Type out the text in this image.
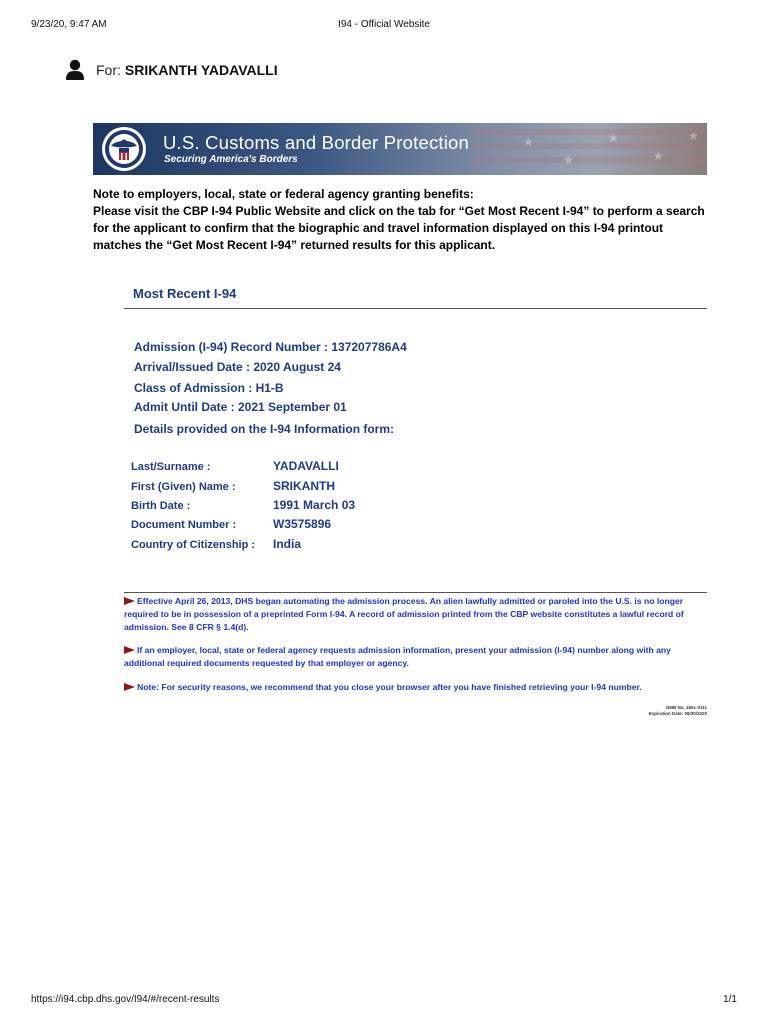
9/23/20, 9:47 AM	I94 - Official Website
For: SRIKANTH YADAVALLI
★
★
★
★
★
U.S. Customs and Border Protection
Securing America's Borders
Note to employers, local, state or federal agency granting benefits:
Please visit the CBP I-94 Public Website and click on the tab for “Get Most Recent I-94” to perform a search for the applicant to confirm that the biographic and travel information displayed on this I-94 printout matches the “Get Most Recent I-94” returned results for this applicant.
Most Recent I-94
Admission (I-94) Record Number : 137207786A4
Arrival/Issued Date : 2020 August 24
Class of Admission : H1-B
Admit Until Date : 2021 September 01
Details provided on the I-94 Information form:
Last/Surname :	YADAVALLI
First (Given) Name :	SRIKANTH
Birth Date :	1991 March 03
Document Number :	W3575896
Country of Citizenship : India
Effective April 26, 2013, DHS began automating the admission process. An alien lawfully admitted or paroled into the U.S. is no longer required to be in possession of a preprinted Form I-94. A record of admission printed from the CBP website constitutes a lawful record of admission. See 8 CFR § 1.4(d).
If an employer, local, state or federal agency requests admission information, present your admission (I-94) number along with any additional required documents requested by that employer or agency.
Note: For security reasons, we recommend that you close your browser after you have finished retrieving your I-94 number.
OMB No. 1651-0111
Expiration Date: 09/30/2020
https://i94.cbp.dhs.gov/I94/#/recent-results	1/1
